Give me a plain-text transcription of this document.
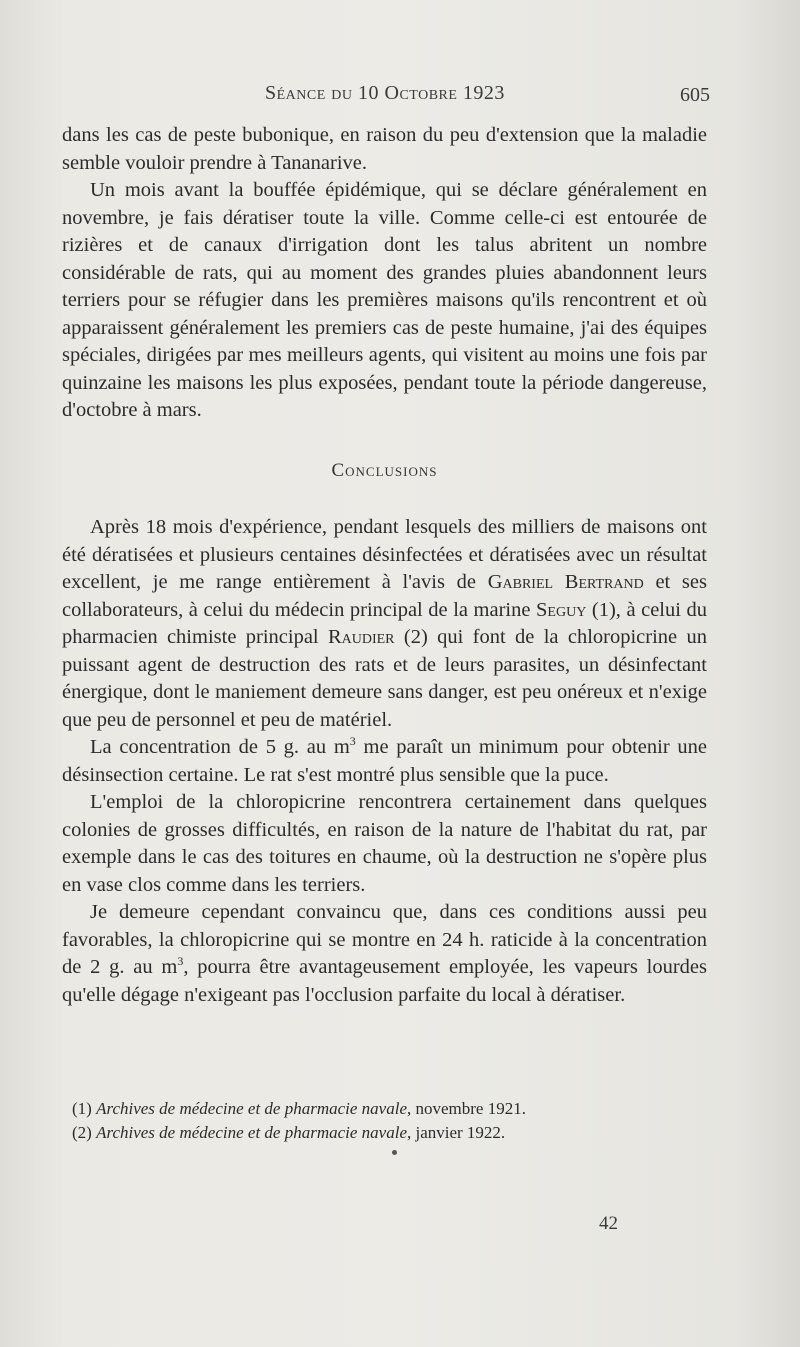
Séance du 10 Octobre 1923	605

dans les cas de peste bubonique, en raison du peu d'extension que la maladie semble vouloir prendre à Tananarive.

Un mois avant la bouffée épidémique, qui se déclare généralement en novembre, je fais dératiser toute la ville. Comme celle-ci est entourée de rizières et de canaux d'irrigation dont les talus abritent un nombre considérable de rats, qui au moment des grandes pluies abandonnent leurs terriers pour se réfugier dans les premières maisons qu'ils rencontrent et où apparaissent généralement les premiers cas de peste humaine, j'ai des équipes spéciales, dirigées par mes meilleurs agents, qui visitent au moins une fois par quinzaine les maisons les plus exposées, pendant toute la période dangereuse, d'octobre à mars.

Conclusions

Après 18 mois d'expérience, pendant lesquels des milliers de maisons ont été dératisées et plusieurs centaines désinfectées et dératisées avec un résultat excellent, je me range entièrement à l'avis de Gabriel Bertrand et ses collaborateurs, à celui du médecin principal de la marine Seguy (1), à celui du pharmacien chimiste principal Raudier (2) qui font de la chloropicrine un puissant agent de destruction des rats et de leurs parasites, un désinfectant énergique, dont le maniement demeure sans danger, est peu onéreux et n'exige que peu de personnel et peu de matériel.

La concentration de 5 g. au $m^3$ me paraît un minimum pour obtenir une désinsection certaine. Le rat s'est montré plus sensible que la puce.

L'emploi de la chloropicrine rencontrera certainement dans quelques colonies de grosses difficultés, en raison de la nature de l'habitat du rat, par exemple dans le cas des toitures en chaume, où la destruction ne s'opère plus en vase clos comme dans les terriers.

Je demeure cependant convaincu que, dans ces conditions aussi peu favorables, la chloropicrine qui se montre en 24 h. raticide à la concentration de 2 g. au $m^3$, pourra être avantageusement employée, les vapeurs lourdes qu'elle dégage n'exigeant pas l'occlusion parfaite du local à dératiser.

(1) Archives de médecine et de pharmacie navale, novembre 1921.

(2) Archives de médecine et de pharmacie navale, janvier 1922.

42
